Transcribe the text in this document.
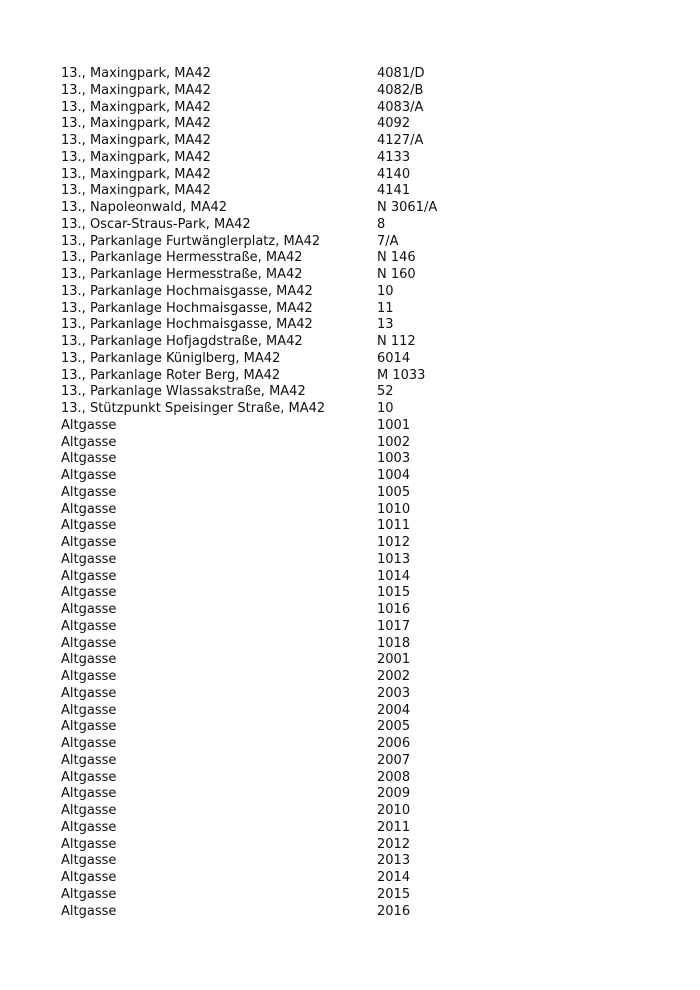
13., Maxingpark, MA42	4081/D
13., Maxingpark, MA42	4082/B
13., Maxingpark, MA42	4083/A
13., Maxingpark, MA42	4092
13., Maxingpark, MA42	4127/A
13., Maxingpark, MA42	4133
13., Maxingpark, MA42	4140
13., Maxingpark, MA42	4141
13., Napoleonwald, MA42	N 3061/A
13., Oscar-Straus-Park, MA42	8
13., Parkanlage Furtwänglerplatz, MA42	7/A
13., Parkanlage Hermesstraße, MA42	N 146
13., Parkanlage Hermesstraße, MA42	N 160
13., Parkanlage Hochmaisgasse, MA42	10
13., Parkanlage Hochmaisgasse, MA42	11
13., Parkanlage Hochmaisgasse, MA42	13
13., Parkanlage Hofjagdstraße, MA42	N 112
13., Parkanlage Küniglberg, MA42	6014
13., Parkanlage Roter Berg, MA42	M 1033
13., Parkanlage Wlassakstraße, MA42	52
13., Stützpunkt Speisinger Straße, MA42	10
Altgasse	1001
Altgasse	1002
Altgasse	1003
Altgasse	1004
Altgasse	1005
Altgasse	1010
Altgasse	1011
Altgasse	1012
Altgasse	1013
Altgasse	1014
Altgasse	1015
Altgasse	1016
Altgasse	1017
Altgasse	1018
Altgasse	2001
Altgasse	2002
Altgasse	2003
Altgasse	2004
Altgasse	2005
Altgasse	2006
Altgasse	2007
Altgasse	2008
Altgasse	2009
Altgasse	2010
Altgasse	2011
Altgasse	2012
Altgasse	2013
Altgasse	2014
Altgasse	2015
Altgasse	2016
